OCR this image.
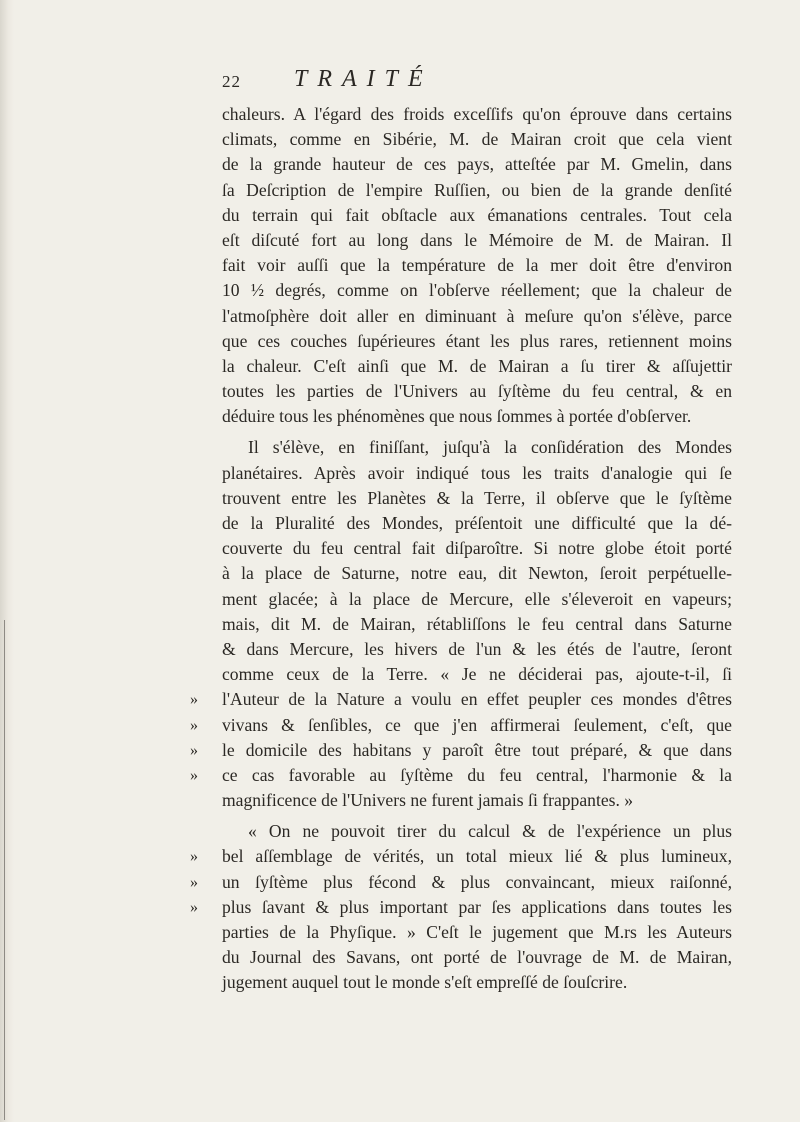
22 TRAITÉ
chaleurs. A l'égard des froids exceſſifs qu'on éprouve dans certains
climats, comme en Sibérie, M. de Mairan croit que cela vient
de la grande hauteur de ces pays, atteſtée par M. Gmelin, dans
ſa Deſcription de l'empire Ruſſien, ou bien de la grande denſité
du terrain qui fait obſtacle aux émanations centrales. Tout cela
eſt diſcuté fort au long dans le Mémoire de M. de Mairan. Il
fait voir auſſi que la température de la mer doit être d'environ
10 ½ degrés, comme on l'obſerve réellement; que la chaleur de
l'atmoſphère doit aller en diminuant à meſure qu'on s'élève, parce
que ces couches ſupérieures étant les plus rares, retiennent moins
la chaleur. C'eſt ainſi que M. de Mairan a ſu tirer & aſſujettir
toutes les parties de l'Univers au ſyſtème du feu central, & en
déduire tous les phénomènes que nous ſommes à portée d'obſerver.
Il s'élève, en finiſſant, juſqu'à la conſidération des Mondes
planétaires. Après avoir indiqué tous les traits d'analogie qui ſe
trouvent entre les Planètes & la Terre, il obſerve que le ſyſtème
de la Pluralité des Mondes, préſentoit une difficulté que la dé-
couverte du feu central fait diſparoître. Si notre globe étoit porté
à la place de Saturne, notre eau, dit Newton, ſeroit perpétuelle-
ment glacée; à la place de Mercure, elle s'éleveroit en vapeurs;
mais, dit M. de Mairan, rétabliſſons le feu central dans Saturne
& dans Mercure, les hivers de l'un & les étés de l'autre, ſeront
comme ceux de la Terre. « Je ne déciderai pas, ajoute-t-il, ſi
» l'Auteur de la Nature a voulu en effet peupler ces mondes d'êtres
» vivans & ſenſibles, ce que j'en affirmerai ſeulement, c'eſt, que
» le domicile des habitans y paroît être tout préparé, & que dans
» ce cas favorable au ſyſtème du feu central, l'harmonie & la
magnificence de l'Univers ne furent jamais ſi frappantes. »
« On ne pouvoit tirer du calcul & de l'expérience un plus
» bel aſſemblage de vérités, un total mieux lié & plus lumineux,
» un ſyſtème plus fécond & plus convaincant, mieux raiſonné,
» plus ſavant & plus important par ſes applications dans toutes les
parties de la Phyſique. » C'eſt le jugement que M.rs les Auteurs
du Journal des Savans, ont porté de l'ouvrage de M. de Mairan,
jugement auquel tout le monde s'eſt empreſſé de ſouſcrire.
